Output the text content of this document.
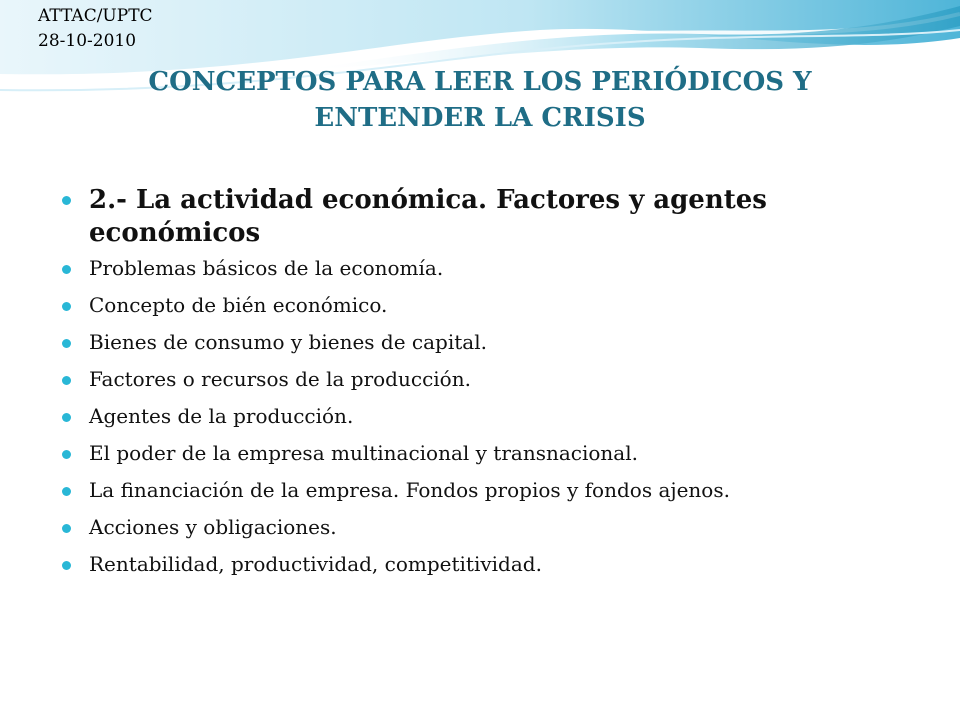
ATTAC/UPTC
28-10-2010
CONCEPTOS PARA LEER LOS PERIÓDICOS Y ENTENDER LA CRISIS
2.- La actividad económica. Factores y agentes económicos
Problemas básicos de la economía.
Concepto de bién económico.
Bienes de consumo y bienes de capital.
Factores o recursos de la producción.
Agentes de la producción.
El poder de la empresa multinacional y transnacional.
La financiación de la empresa. Fondos propios y fondos ajenos.
Acciones y obligaciones.
Rentabilidad, productividad, competitividad.
